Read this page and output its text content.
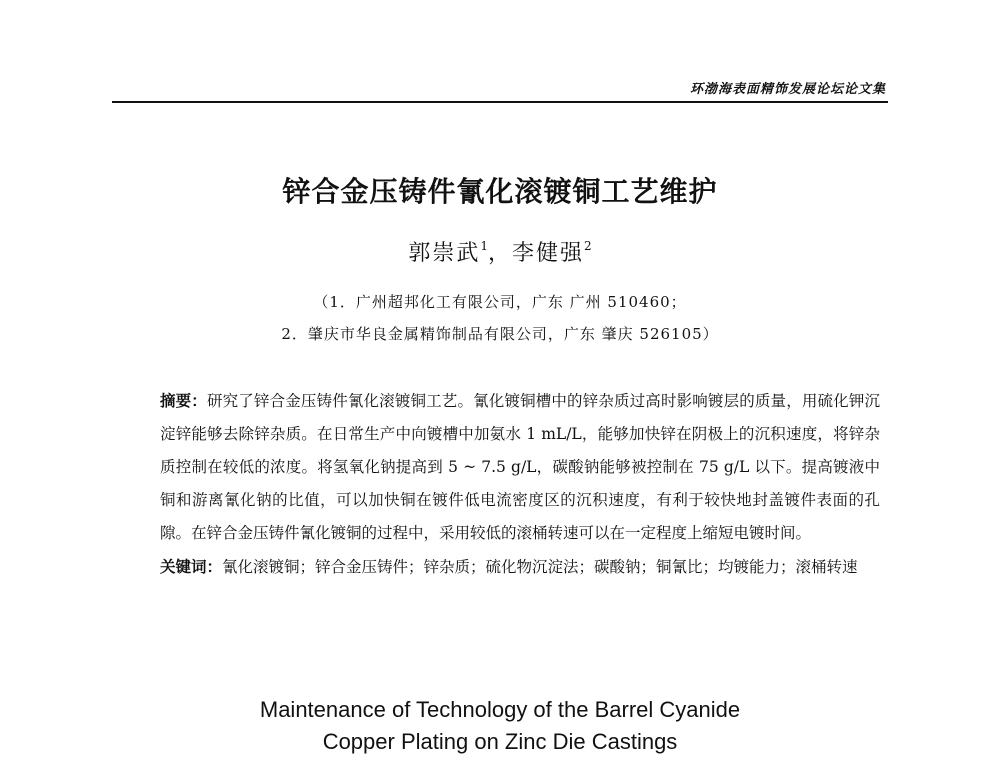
环渤海表面精饰发展论坛论文集
锌合金压铸件氰化滚镀铜工艺维护
郭崇武$^1$，李健强$^2$
（1．广州超邦化工有限公司，广东 广州 510460；
2．肇庆市华良金属精饰制品有限公司，广东 肇庆 526105）

摘要：研究了锌合金压铸件氰化滚镀铜工艺。氰化镀铜槽中的锌杂质过高时影响镀层的质量，用硫化钾沉淀锌能够去除锌杂质。在日常生产中向镀槽中加氨水 1 mL/L，能够加快锌在阴极上的沉积速度，将锌杂质控制在较低的浓度。将氢氧化钠提高到 5 ~ 7.5 g/L，碳酸钠能够被控制在 75 g/L 以下。提高镀液中铜和游离氰化钠的比值，可以加快铜在镀件低电流密度区的沉积速度，有利于较快地封盖镀件表面的孔隙。在锌合金压铸件氰化镀铜的过程中，采用较低的滚桶转速可以在一定程度上缩短电镀时间。

关键词：氰化滚镀铜；锌合金压铸件；锌杂质；硫化物沉淀法；碳酸钠；铜氰比；均镀能力；滚桶转速

Maintenance of Technology of the Barrel Cyanide
Copper Plating on Zinc Die Castings
